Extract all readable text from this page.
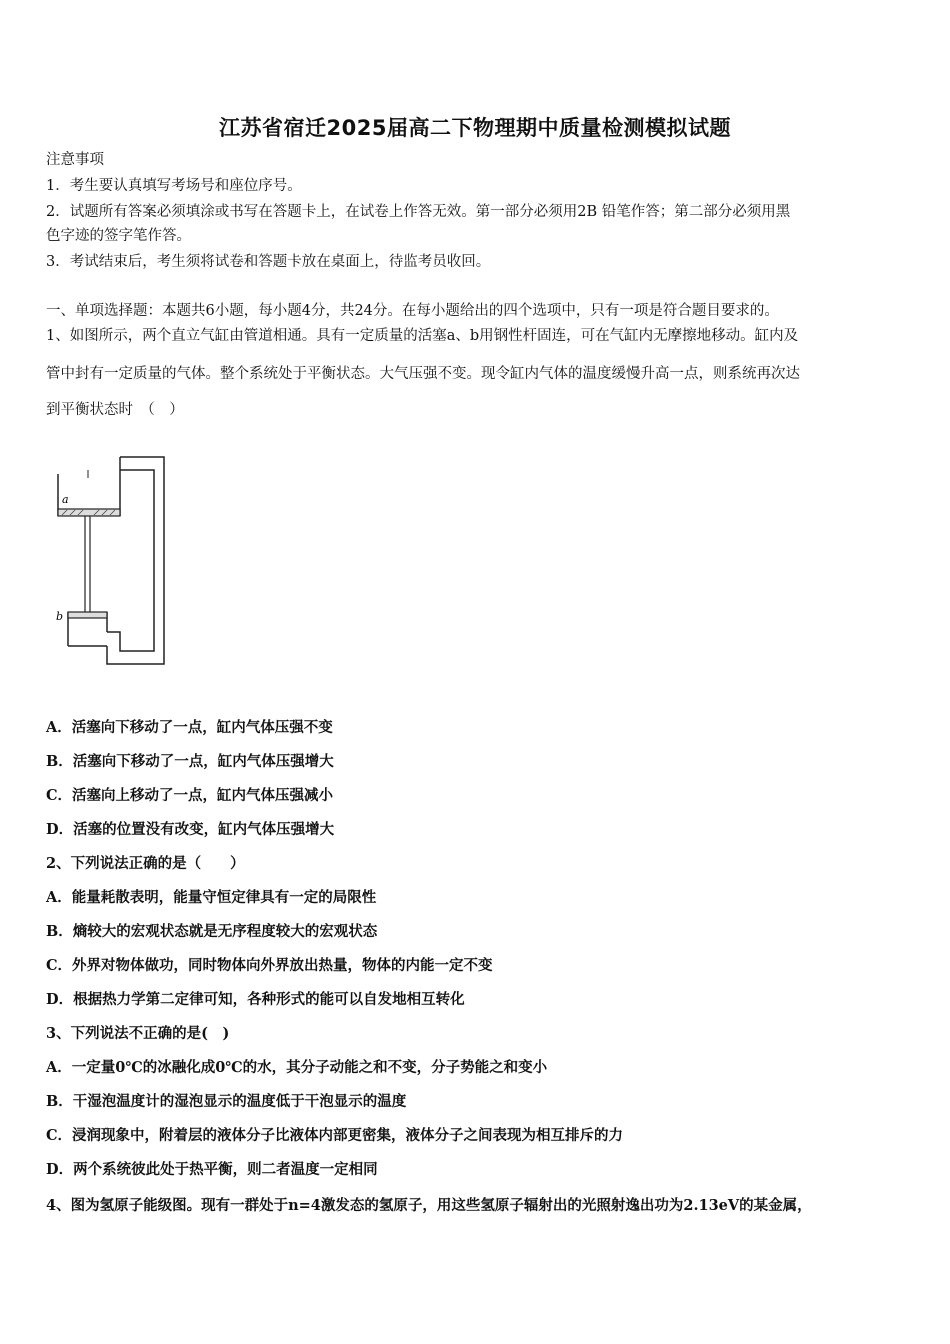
江苏省宿迁2025届高二下物理期中质量检测模拟试题
注意事项
1．考生要认真填写考场号和座位序号。
2．试题所有答案必须填涂或书写在答题卡上，在试卷上作答无效。第一部分必须用2B 铅笔作答；第二部分必须用黑
色字迹的签字笔作答。
3．考试结束后，考生须将试卷和答题卡放在桌面上，待监考员收回。
一、单项选择题：本题共6小题，每小题4分，共24分。在每小题给出的四个选项中，只有一项是符合题目要求的。
1、如图所示，两个直立气缸由管道相通。具有一定质量的活塞a、b用钢性杆固连，可在气缸内无摩擦地移动。缸内及
管中封有一定质量的气体。整个系统处于平衡状态。大气压强不变。现令缸内气体的温度缓慢升高一点，则系统再次达
到平衡状态时　（　）
a
b
A．活塞向下移动了一点，缸内气体压强不变
B．活塞向下移动了一点，缸内气体压强增大
C．活塞向上移动了一点，缸内气体压强减小
D．活塞的位置没有改变，缸内气体压强增大
2、下列说法正确的是（　　）
A．能量耗散表明，能量守恒定律具有一定的局限性
B．熵较大的宏观状态就是无序程度较大的宏观状态
C．外界对物体做功，同时物体向外界放出热量，物体的内能一定不变
D．根据热力学第二定律可知，各种形式的能可以自发地相互转化
3、下列说法不正确的是(　)
A．一定量0℃的冰融化成0℃的水，其分子动能之和不变，分子势能之和变小
B．干湿泡温度计的湿泡显示的温度低于干泡显示的温度
C．浸润现象中，附着层的液体分子比液体内部更密集，液体分子之间表现为相互排斥的力
D．两个系统彼此处于热平衡，则二者温度一定相同
4、图为氢原子能级图。现有一群处于n=4激发态的氢原子，用这些氢原子辐射出的光照射逸出功为2.13eV的某金属，
